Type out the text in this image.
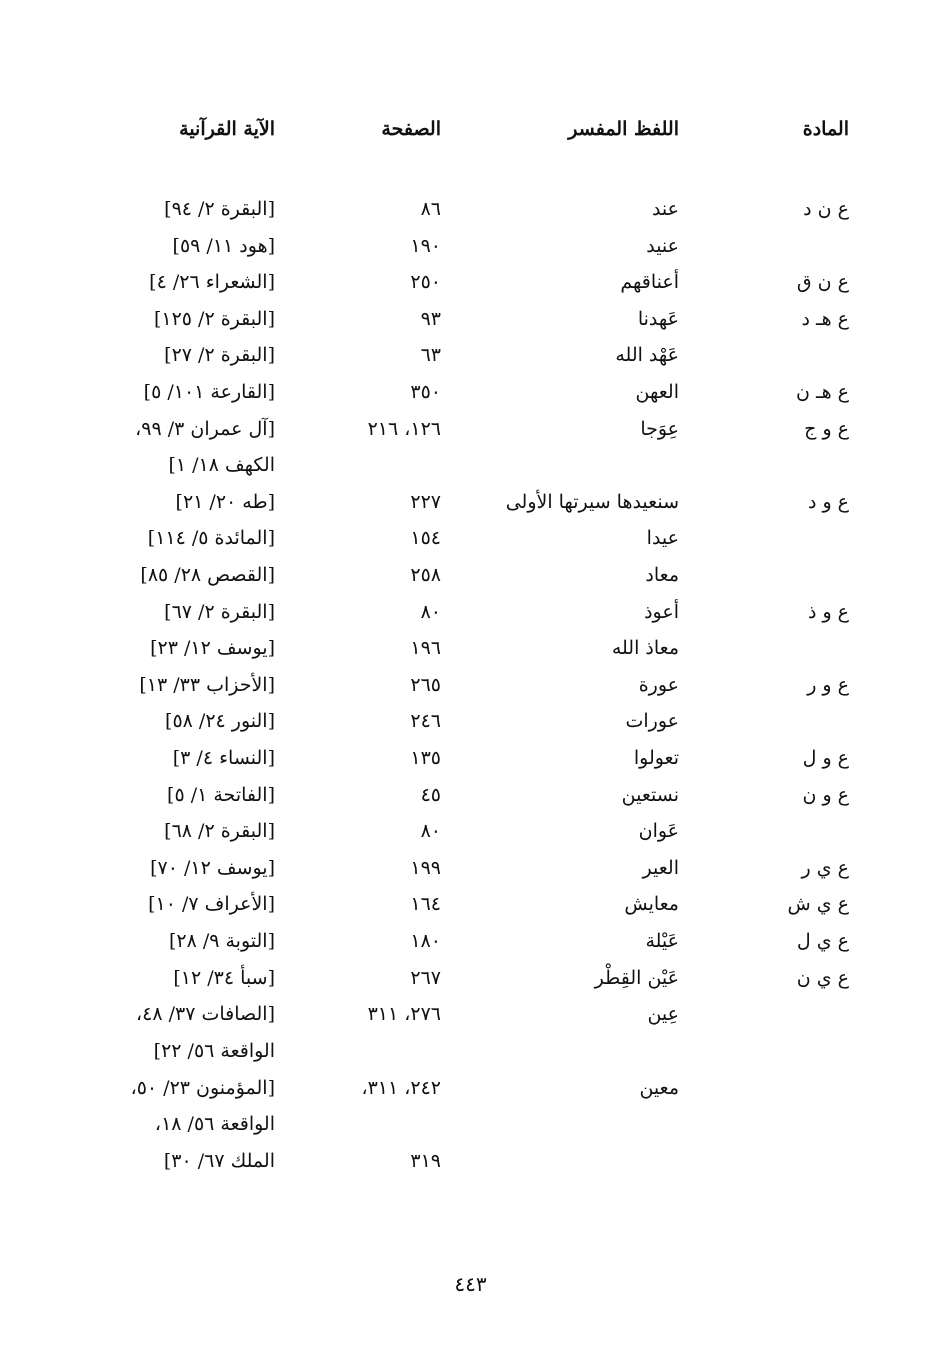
المادة
اللفظ المفسر
الصفحة
الآية القرآنية
ع ن د
عند
٨٦
[البقرة ٢/ ٩٤]
عنيد
١٩٠
[هود ١١/ ٥٩]
ع ن ق
أعناقهم
٢٥٠
[الشعراء ٢٦/ ٤]
ع هـ د
عَهدنا
٩٣
[البقرة ٢/ ١٢٥]
عَهْد الله
٦٣
[البقرة ٢/ ٢٧]
ع هـ ن
العهن
٣٥٠
[القارعة ١٠١/ ٥]
ع و ج
عِوَجا
١٢٦، ٢١٦
[آل عمران ٣/ ٩٩،
الكهف ١٨/ ١]
ع و د
سنعيدها سيرتها الأولى
٢٢٧
[طه ٢٠/ ٢١]
عيدا
١٥٤
[المائدة ٥/ ١١٤]
معاد
٢٥٨
[القصص ٢٨/ ٨٥]
ع و ذ
أعوذ
٨٠
[البقرة ٢/ ٦٧]
معاذ الله
١٩٦
[يوسف ١٢/ ٢٣]
ع و ر
عورة
٢٦٥
[الأحزاب ٣٣/ ١٣]
عورات
٢٤٦
[النور ٢٤/ ٥٨]
ع و ل
تعولوا
١٣٥
[النساء ٤/ ٣]
ع و ن
نستعين
٤٥
[الفاتحة ١/ ٥]
عَوان
٨٠
[البقرة ٢/ ٦٨]
ع ي ر
العير
١٩٩
[يوسف ١٢/ ٧٠]
ع ي ش
معايش
١٦٤
[الأعراف ٧/ ١٠]
ع ي ل
عَيْلة
١٨٠
[التوبة ٩/ ٢٨]
ع ي ن
عَيْن القِطْر
٢٦٧
[سبأ ٣٤/ ١٢]
عِين
٢٧٦، ٣١١
[الصافات ٣٧/ ٤٨،
الواقعة ٥٦/ ٢٢]
معين
٢٤٢، ٣١١،
[المؤمنون ٢٣/ ٥٠،
الواقعة ٥٦/ ١٨،
٣١٩
الملك ٦٧/ ٣٠]
٤٤٣
